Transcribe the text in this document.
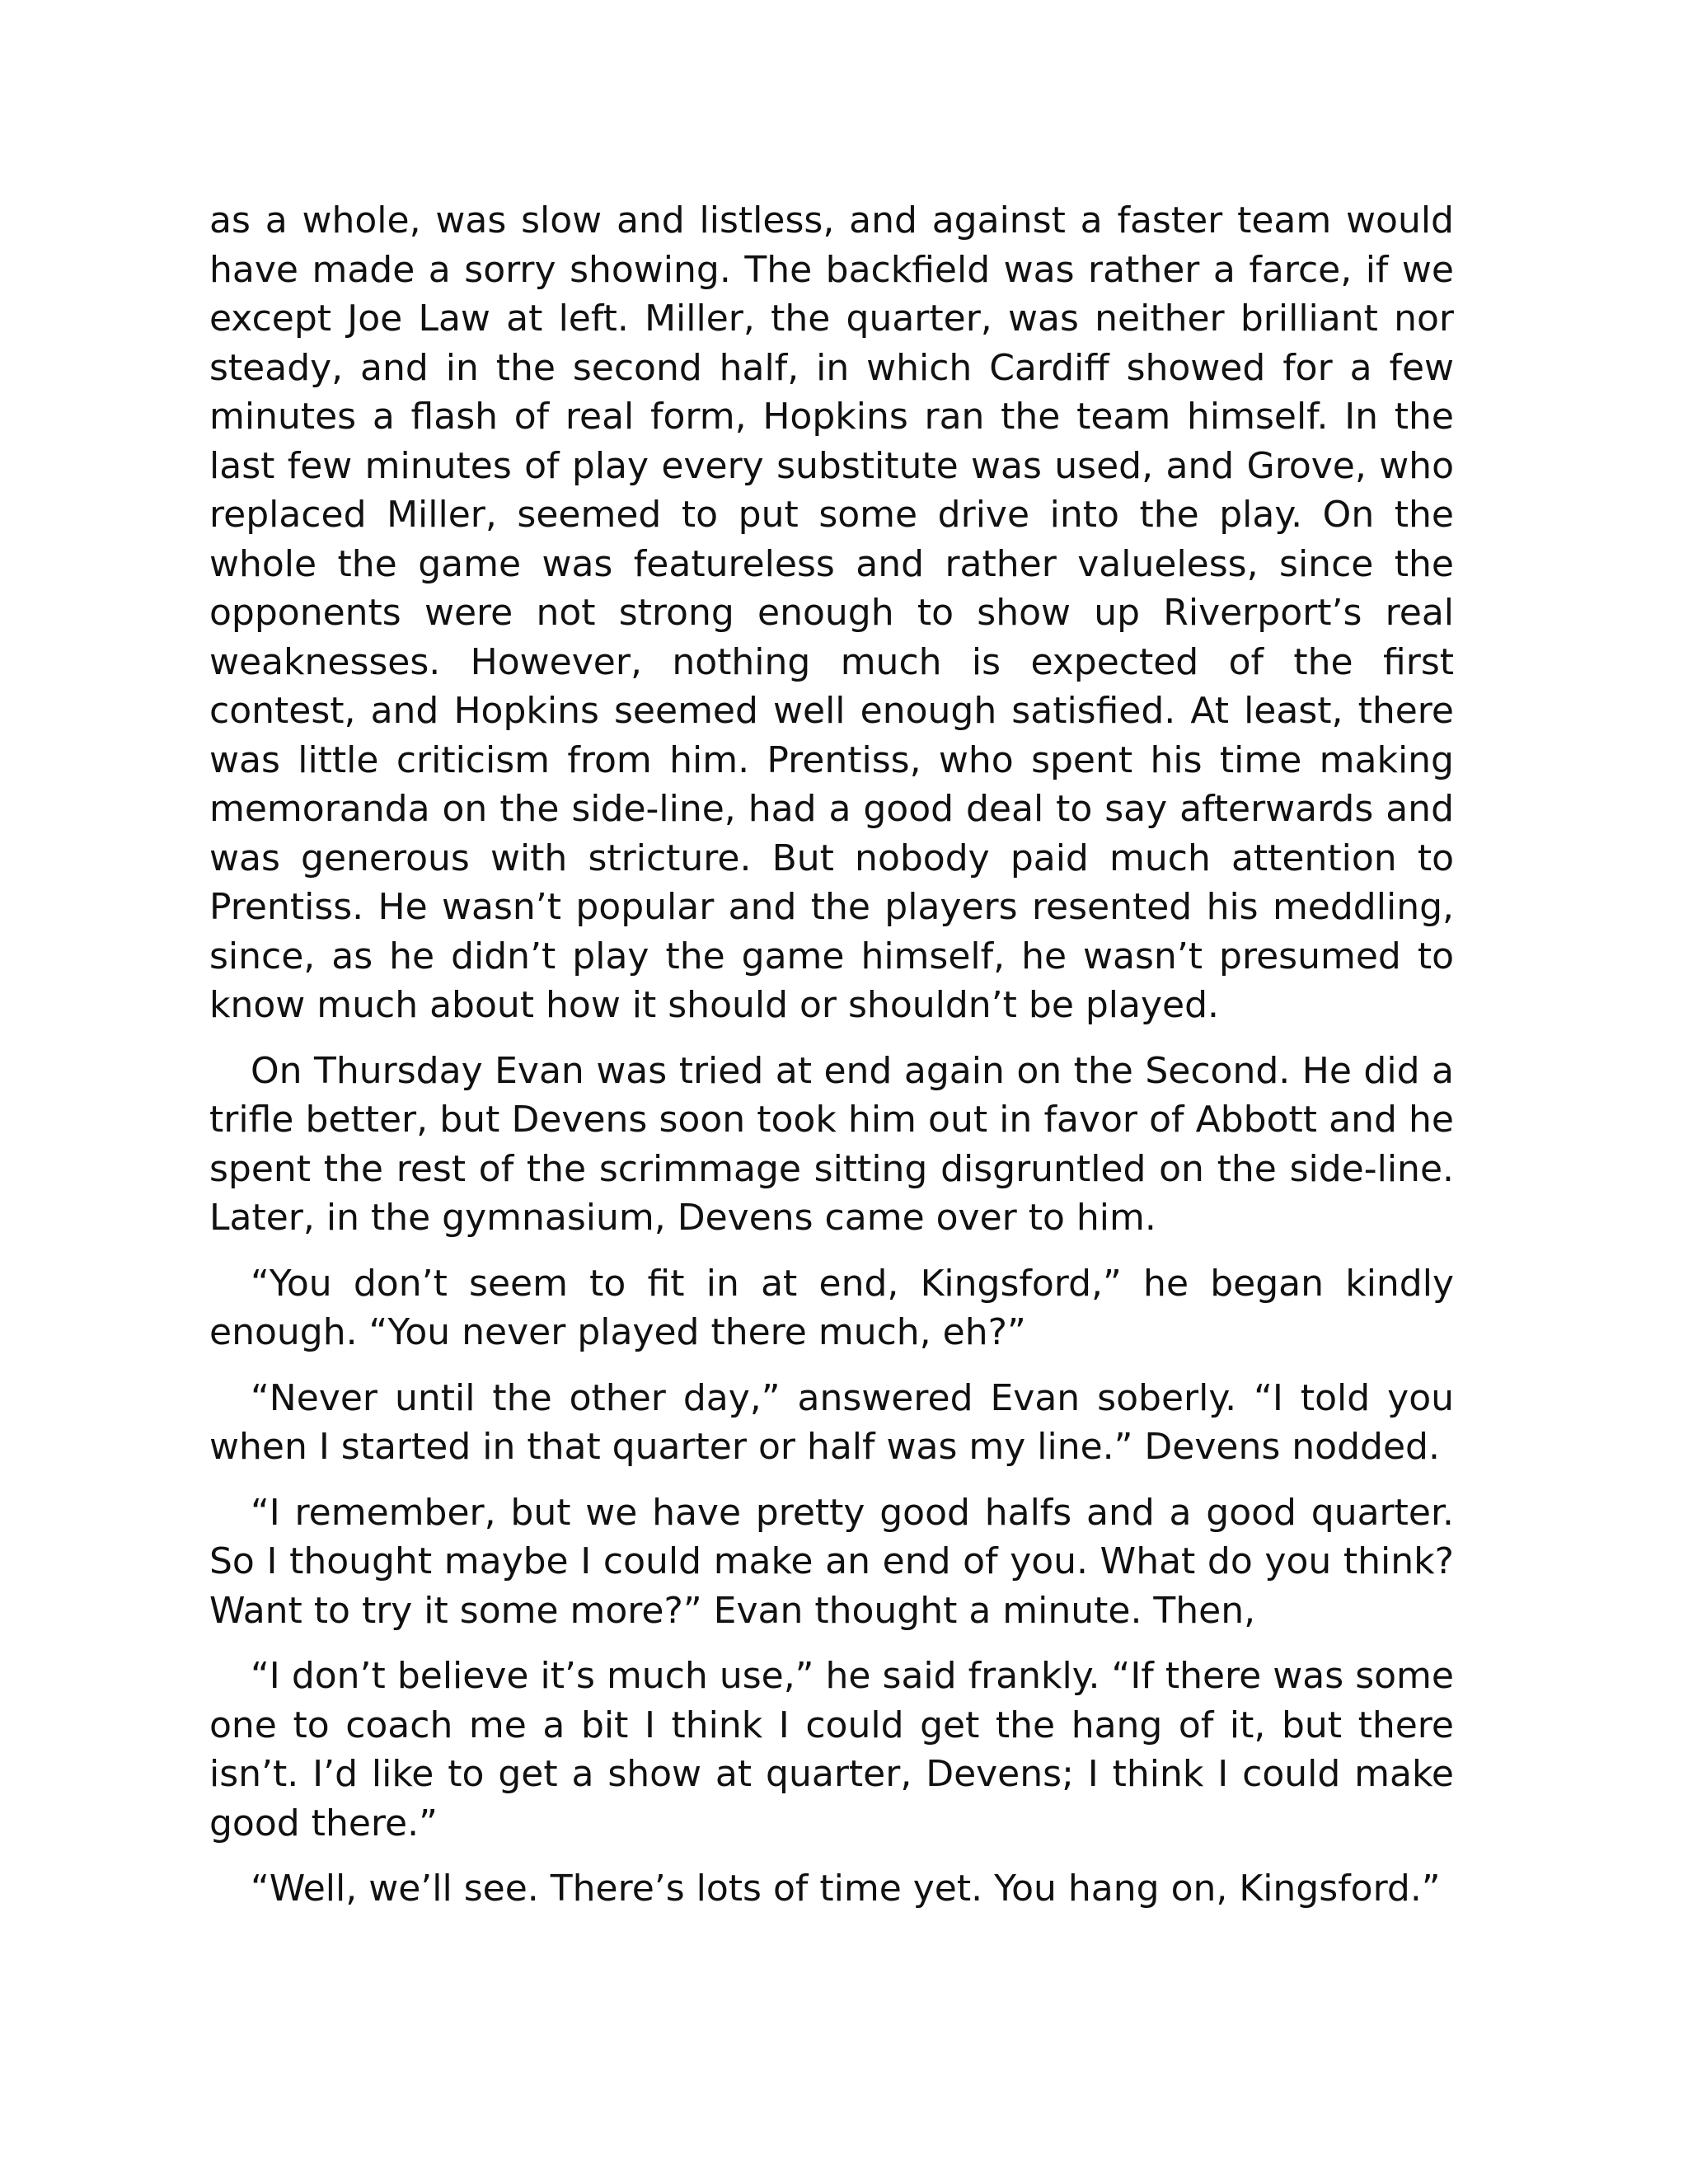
as a whole, was slow and listless, and against a faster team would have made a sorry showing. The backfield was rather a farce, if we except Joe Law at left. Miller, the quarter, was neither brilliant nor steady, and in the second half, in which Cardiff showed for a few minutes a flash of real form, Hopkins ran the team himself. In the last few minutes of play every substitute was used, and Grove, who replaced Miller, seemed to put some drive into the play. On the whole the game was featureless and rather valueless, since the opponents were not strong enough to show up Riverport’s real weaknesses. However, nothing much is expected of the first contest, and Hopkins seemed well enough satisfied. At least, there was little criticism from him. Prentiss, who spent his time making memoranda on the side-line, had a good deal to say afterwards and was generous with stricture. But nobody paid much attention to Prentiss. He wasn’t popular and the players resented his meddling, since, as he didn’t play the game himself, he wasn’t presumed to know much about how it should or shouldn’t be played.

On Thursday Evan was tried at end again on the Second. He did a trifle better, but Devens soon took him out in favor of Abbott and he spent the rest of the scrimmage sitting disgruntled on the side-line. Later, in the gymnasium, Devens came over to him.

“You don’t seem to fit in at end, Kingsford,” he began kindly enough. “You never played there much, eh?”

“Never until the other day,” answered Evan soberly. “I told you when I started in that quarter or half was my line.” Devens nodded.

“I remember, but we have pretty good halfs and a good quarter. So I thought maybe I could make an end of you. What do you think? Want to try it some more?” Evan thought a minute. Then,

“I don’t believe it’s much use,” he said frankly. “If there was some one to coach me a bit I think I could get the hang of it, but there isn’t. I’d like to get a show at quarter, Devens; I think I could make good there.”

“Well, we’ll see. There’s lots of time yet. You hang on, Kingsford.”
